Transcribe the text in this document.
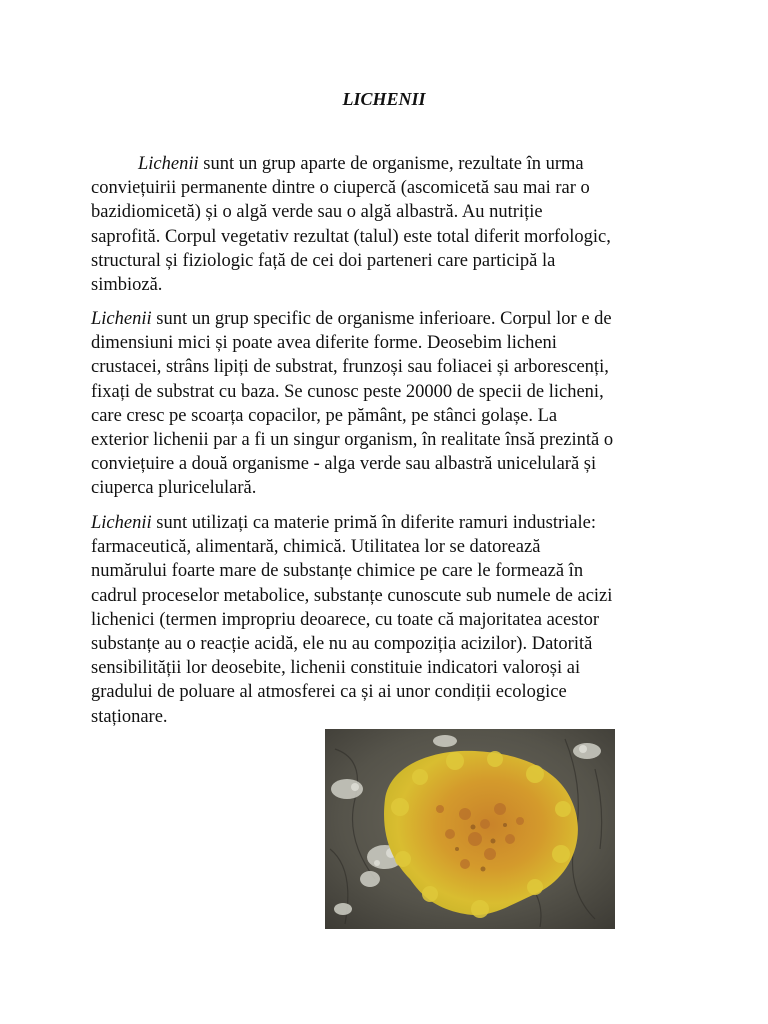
LICHENII
Lichenii sunt un grup aparte de organisme, rezultate în urma
conviețuirii permanente dintre o ciupercă (ascomicetă sau mai rar o
bazidiomicetă) și o algă verde sau o algă albastră. Au nutriție
saprofită. Corpul vegetativ rezultat (talul) este total diferit morfologic,
structural și fiziologic față de cei doi parteneri care participă la
simbioză.
Lichenii sunt un grup specific de organisme inferioare. Corpul lor e de
dimensiuni mici și poate avea diferite forme. Deosebim licheni
crustacei, strâns lipiți de substrat, frunzoși sau foliacei și arborescenți,
fixați de substrat cu baza. Se cunosc peste 20000 de specii de licheni,
care cresc pe scoarța copacilor, pe pământ, pe stânci golașe. La
exterior lichenii par a fi un singur organism, în realitate însă prezintă o
conviețuire a două organisme - alga verde sau albastră unicelulară și
ciuperca pluricelulară.
Lichenii sunt utilizați ca materie primă în diferite ramuri industriale:
farmaceutică, alimentară, chimică. Utilitatea lor se datorează
numărului foarte mare de substanțe chimice pe care le formează în
cadrul proceselor metabolice, substanțe cunoscute sub numele de acizi
lichenici (termen impropriu deoarece, cu toate că majoritatea acestor
substanțe au o reacție acidă, ele nu au compoziția acizilor). Datorită
sensibilității lor deosebite, lichenii constituie indicatori valoroși ai
gradului de poluare al atmosferei ca și ai unor condiții ecologice
staționare.
